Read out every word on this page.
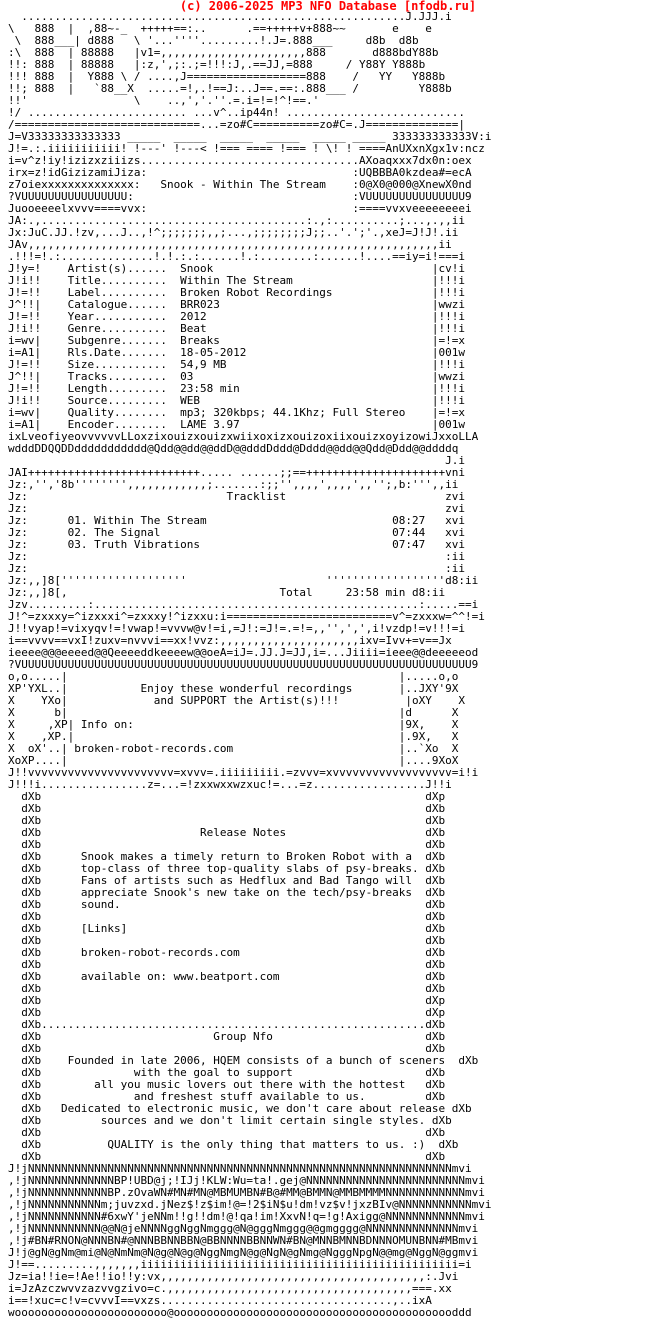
(c) 2006-2025 MP3 NFO Database [nfodb.ru]
..........................................................J.JJJ.i
\   888  |  ,88~-_  +++++==:..      .==+++++v+888~~       e    e
\  888___| d888   \ '...''''.........!.J=.888___     d8b  d8b
:\  888  | 88888   |v1=,,,,,,,,,,,,,,,,,,,,,,888       d888bdY88b
!!: 888  | 88888   |:z,',;:.;=!!!:J,.==JJ,=888     / Y88Y Y888b
!!! 888  |  Y888 \ / ....,J==================888    /   YY   Y888b
!!; 888  |   `88__X  .....=!,.!==J:..J==.==:.888___ /         Y888b
!!'                \    ..,','.''.=.i=!=!^!==.'
!/ ........................ ...v^..ip44n! ...........................
/============================...=zo#C==========zo#C=.J==============|
J=V33333333333333 _____  _____  _____  _____  _____ _____ 333333333333V:i
J!=.:.iiiiiiiiiii! !---' !---< !=== ==== !=== ! \! ! ====AnUXxnXgx1v:ncz
i=v^z!iy!izizxziiizs.................................AXoaqxxx7dx0n:oex
irx=z!idGizizamiJiza:                               :UQBBBA0kzdea#=ecA
z7oiexxxxxxxxxxxxxx:   Snook - Within The Stream    :0@X0@000@XnewX0nd
?VUUUUUUUUUUUUUUUU:                                 :VUUUUUUUUUUUUUUU9
Juooeeeelxvvv====vvx:                               :====vvxveeeeeeeei
JA:.,........................................:.,:..........;...,.,,ii
Jx:JuC.JJ.!zv,...J..,!^;;;;;;;,,;...,;;;;;;;;J;;..'.';'.,xeJ=J!J!.ii
JAv,,,,,,,,,,,,,,,,,,,,,,,,,,,,,,,,,,,,,,,,,,,,,,,,,,,,,,,,,,,,,,ii
.!!!=!.:..............!.!.:.:......!.:........:......!....==iy=i!===i
J!y=!    Artist(s)......  Snook                                 |cv!i
J!i!!    Title..........  Within The Stream                     |!!!i
J!=!!    Label..........  Broken Robot Recordings               |!!!i
J^!!|    Catalogue......  BRR023                                |wwzi
J!=!!    Year...........  2012                                  |!!!i
J!i!!    Genre..........  Beat                                  |!!!i
i=wv|    Subgenre.......  Breaks                                |=!=x
i=A1|    Rls.Date.......  18-05-2012                            |001w
J!=!!    Size...........  54,9 MB                               |!!!i
J^!!|    Tracks.........  03                                    |wwzi
J!=!!    Length.........  23:58 min                             |!!!i
J!i!!    Source.........  WEB                                   |!!!i
i=wv|    Quality........  mp3; 320kbps; 44.1Khz; Full Stereo    |=!=x
i=A1|    Encoder........  LAME 3.97                             |001w
ixLveofiyeovvvvvvLLoxzixouizxouizxwiixoxizxouizoxiixouizxoyizowiJxxoLLA
wdddDDQQDDddddddddddd@Qdd@@dd@@ddD@@dddDddd@Dddd@@dd@@Qdd@Ddd@@ddddq
J.i
JAI++++++++++++++++++++++++++..... ......;;==+++++++++++++++++++++vni
Jz:,'','8b'''''''',,,,,,,,,,,,;.......:;;'',,,,',,,,',,'';,b:''',,ii
Jz:                              Tracklist                        zvi
Jz:                                                               zvi
Jz:      01. Within The Stream                            08:27   xvi
Jz:      02. The Signal                                   07:44   xvi
Jz:      03. Truth Vibrations                             07:47   xvi
Jz:                                                               :ii
Jz:                                                               :ii
Jz:,,]8['''''''''''''''''''                     ''''''''''''''''''d8:ii
Jz:,,]8[,                                Total     23:58 min d8:ii
Jzv.........:.................................................:.....==i
J!^=zxxxy=^izxxxi^=zxxxy!^izxxu:i=========================v^=zxxxw=^^!=i
J!!vyap!=vixyqv!=!vwap!=vvvw@v!=i,=J!:=J!=.=!=,,'',',',i!vzdp!=v!!!=i
i==vvvv==vxI!zuxv=nvvvi==xx!vvz:,,,,,,,,,,,,,,,,,,,,,ixv=Ivv+=v==Jx
ieeee@@@eeeed@@Qeeeeddkeeeew@@oeA=iJ=.JJ.J=JJ,i=...Jiiii=ieee@@deeeeeod
?VUUUUUUUUUUUUUUUUUUUUUUUUUUUUUUUUUUUUUUUUUUUUUUUUUUUUUUUUUUUUUUUUUUUU9
o,o.....|                                                  |.....o,o
XP'YXL..|           Enjoy these wonderful recordings       |..JXY'9X
X    YXo|             and SUPPORT the Artist(s)!!!          |oXY    X
X      b|                                                  |d      X
X     ,XP| Info on:                                        |9X,    X
X    ,XP.|                                                 |.9X,   X
X  oX'..| broken-robot-records.com                         |..`Xo  X
XoXP....|                                                  |....9XoX
J!!vvvvvvvvvvvvvvvvvvvvvv=xvvv=.iiiiiiiii.=zvvv=xvvvvvvvvvvvvvvvvvv=i!i
J!!!i................z=...=!zxxwxxwzxuc!=...=z.................J!!i
dXb                                                          dXp
dXb                                                          dXb
dXb                                                          dXb
dXb                        Release Notes                     dXb
dXb                                                          dXb
dXb      Snook makes a timely return to Broken Robot with a  dXb
dXb      top-class of three top-quality slabs of psy-breaks. dXb
dXb      Fans of artists such as Hedflux and Bad Tango will  dXb
dXb      appreciate Snook's new take on the tech/psy-breaks  dXb
dXb      sound.                                              dXb
dXb                                                          dXb
dXb      [Links]                                             dXb
dXb                                                          dXb
dXb      broken-robot-records.com                            dXb
dXb                                                          dXb
dXb      available on: www.beatport.com                      dXb
dXb                                                          dXb
dXb                                                          dXp
dXb                                                          dXp
dXb..........................................................dXb
dXb                          Group Nfo                       dXb
dXb                                                          dXb
dXb    Founded in late 2006, HQEM consists of a bunch of sceners  dXb
dXb              with the goal to support                    dXb
dXb        all you music lovers out there with the hottest   dXb
dXb              and freshest stuff available to us.         dXb
dXb   Dedicated to electronic music, we don't care about release dXb
dXb         sources and we don't limit certain single styles. dXb
dXb                                                          dXb
dXb          QUALITY is the only thing that matters to us. :)  dXb
dXb                                                          dXb
J!jNNNNNNNNNNNNNNNNNNNNNNNNNNNNNNNNNNNNNNNNNNNNNNNNNNNNNNNNNNNNNNNNmvi
,!jNNNNNNNNNNNNNBP!UBD@j;!IJj!KLW:Wu=ta!.gej@NNNNNNNNNNNNNNNNNNNNNNNNmvi
,!jNNNNNNNNNNNNBP.zOvaWN#MN#MN@MBMUMBN#B@#MM@BMMN@MMBMMMMNNNNNNNNNNNNmvi
,!jNNNNNNNNNNNm;juvzxd.jNez$!z$im!@=!2$iN$u!dm!vz$v!jxzBIv@NNNNNNNNNNNmvi
,!jNNNNNNNNNNN#6xwY'jeNNm!!g!!dm!@!qa!im!XxvN!q=!g!Axigg@NNNNNNNNNNNNmvi
,!jNNNNNNNNNNN@@N@jeNNNNggNggNmggg@N@gggNmggg@@gmgggg@NNNNNNNNNNNNNNmvi
,!j#BN#RNON@NNNBN#@NNNBBNNBBN@BBNNNNBBNNWN#BN@MNNBMNNBDNNNOMUNBNN#MBmvi
J!j@gN@gNm@mi@N@NmNm@N@g@N@g@NggNmgN@g@NgN@gNmg@NgggNpgN@@mg@NggN@ggmvi
J!==.........,,,,,,,iiiiiiiiiiiiiiiiiiiiiiiiiiiiiiiiiiiiiiiiiiiiiiii=i
Jz=ia!!ie=!Ae!!io!!y:vx,,,,,,,,,,,,,,,,,,,,,,,,,,,,,,,,,,,,,,,,:.Jvi
i=JzAzczwvvzazvvgzivo=c.,,,,,,,,,,,,,,,,,,,,,,,,,,,,,,,,,,,,,===.xx
i==!xuc=c!v=cvvvI==vxzs...................................,..ixA
wooooooooooooooooooooooo@ooooooooooooooooooooooooooooooooooooooooooddd
